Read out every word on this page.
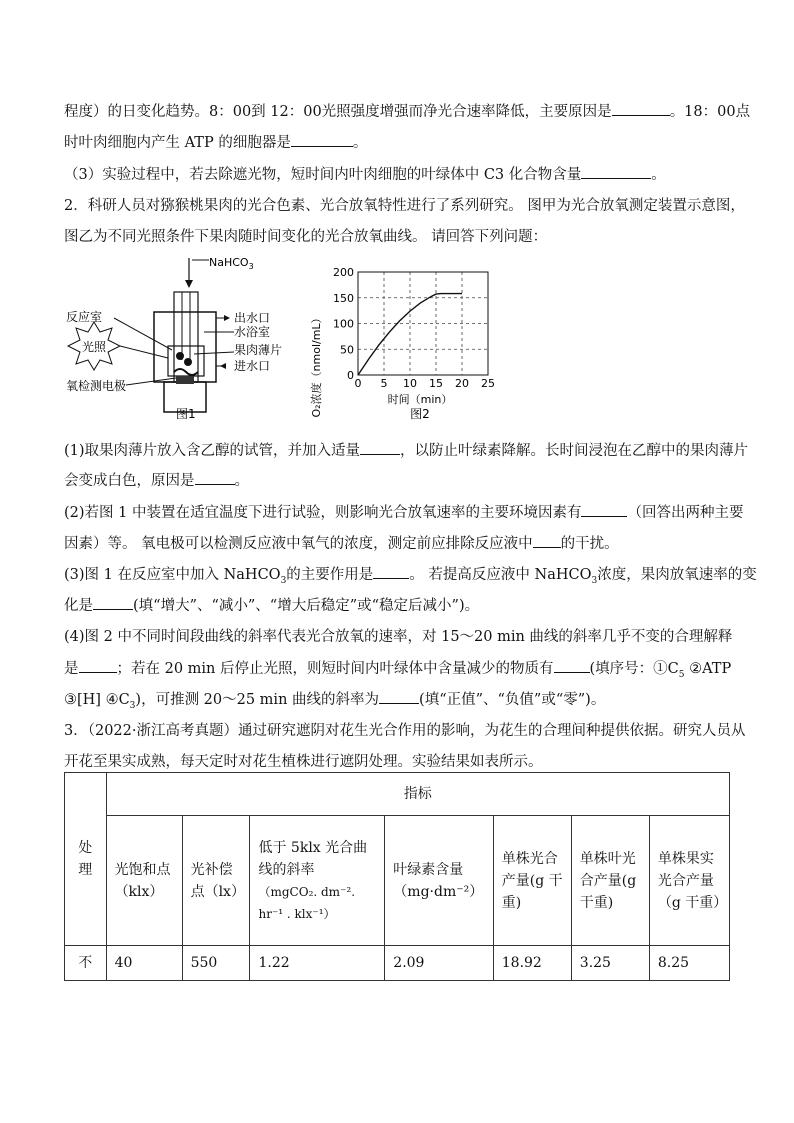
程度）的日变化趋势。8：00到 12：00光照强度增强而净光合速率降低，主要原因是	。18：00点
时叶肉细胞内产生 ATP 的细胞器是	。
（3）实验过程中，若去除遮光物，短时间内叶肉细胞的叶绿体中 C3 化合物含量	。
2．科研人员对猕猴桃果肉的光合色素、光合放氧特性进行了系列研究。 图甲为光合放氧测定装置示意图，
图乙为不同光照条件下果肉随时间变化的光合放氧曲线。 请回答下列问题：
NaHCO$_3$
光照
反应室
氧检测电极
出水口
水浴室
果肉薄片
进水口
图1
0 5 10 15 20 25
0
50
100
150
200
O₂浓度（nmol/mL）	时间（min）
图2
(1)取果肉薄片放入含乙醇的试管，并加入适量	，以防止叶绿素降解。长时间浸泡在乙醇中的果肉薄片
会变成白色，原因是	。
(2)若图 1 中装置在适宜温度下进行试验，则影响光合放氧速率的主要环境因素有	（回答出两种主要
因素）等。 氧电极可以检测反应液中氧气的浓度，测定前应排除反应液中 的干扰。
(3)图 1 在反应室中加入 NaHCO$_3$的主要作用是 。 若提高反应液中 NaHCO$_3$浓度，果肉放氧速率的变
化是	(填“增大”、“减小”、“增大后稳定”或“稳定后减小”)。
(4)图 2 中不同时间段曲线的斜率代表光合放氧的速率，对 15～20 min 曲线的斜率几乎不变的合理解释
是	；若在 20 min 后停止光照，则短时间内叶绿体中含量减少的物质有 (填序号：$①C_5$ ②ATP
③[H] $④C_3$)，可推测 20～25 min 曲线的斜率为	(填“正值”、“负值”或“零”)。
3．（2022·浙江高考真题）通过研究遮阴对花生光合作用的影响，为花生的合理间种提供依据。研究人员从
开花至果实成熟，每天定时对花生植株进行遮阴处理。实验结果如表所示。
处理	指标						
	光饱和点（klx）	光补偿点（lx）	低于 5klx 光合曲线的斜率
（mgCO₂. dm⁻². hr⁻¹ . klx⁻¹）	叶绿素含量（mg·dm⁻²）	单株光合产量(g 干重)	单株叶光合产量(g 干重)	单株果实光合产量（g 干重）
不	40	550	1.22	2.09	18.92	3.25	8.25
